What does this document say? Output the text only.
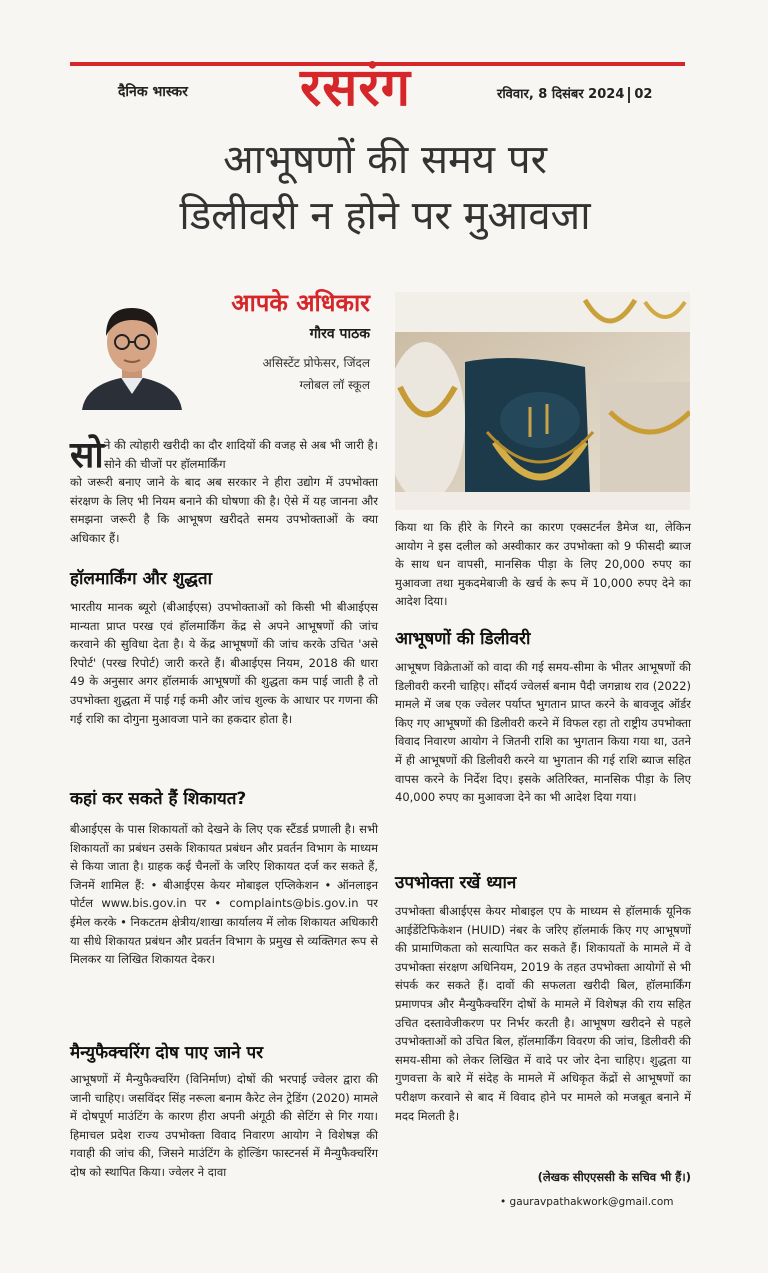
दैनिक भास्कर रसरंग	रविवार, 8 दिसंबर 2024 02
आभूषणों की समय पर
डिलीवरी न होने पर मुआवजा
आपके अधिकार
गौरव पाठक
असिस्टेंट प्रोफेसर, जिंदल
ग्लोबल लॉ स्कूल
सो ने की त्योहारी खरीदी का दौर शादियों की वजह से अब भी जारी है। सोने की चीजों पर हॉलमार्किंग
को जरूरी बनाए जाने के बाद अब सरकार ने हीरा उद्योग में उपभोक्ता संरक्षण के लिए भी नियम बनाने की घोषणा की है। ऐसे में यह जानना और समझना जरूरी है कि आभूषण खरीदते समय उपभोक्ताओं के क्या अधिकार हैं।
हॉलमार्किंग और शुद्धता
भारतीय मानक ब्यूरो (बीआईएस) उपभोक्ताओं को किसी भी बीआईएस मान्यता प्राप्त परख एवं हॉलमार्किंग केंद्र से अपने आभूषणों की जांच करवाने की सुविधा देता है। ये केंद्र आभूषणों की जांच करके उचित 'असे रिपोर्ट' (परख रिपोर्ट) जारी करते हैं। बीआईएस नियम, 2018 की धारा 49 के अनुसार अगर हॉलमार्क आभूषणों की शुद्धता कम पाई जाती है तो उपभोक्ता शुद्धता में पाई गई कमी और जांच शुल्क के आधार पर गणना की गई राशि का दोगुना मुआवजा पाने का हकदार होता है।
कहां कर सकते हैं शिकायत?
बीआईएस के पास शिकायतों को देखने के लिए एक स्टैंडर्ड प्रणाली है। सभी शिकायतों का प्रबंधन उसके शिकायत प्रबंधन और प्रवर्तन विभाग के माध्यम से किया जाता है। ग्राहक कई चैनलों के जरिए शिकायत दर्ज कर सकते हैं, जिनमें शामिल हैं: • बीआईएस केयर मोबाइल एप्लिकेशन • ऑनलाइन पोर्टल www.bis.gov.in पर • complaints@bis.gov.in पर ईमेल करके • निकटतम क्षेत्रीय/शाखा कार्यालय में लोक शिकायत अधिकारी या सीधे शिकायत प्रबंधन और प्रवर्तन विभाग के प्रमुख से व्यक्तिगत रूप से मिलकर या लिखित शिकायत देकर।
मैन्युफैक्चरिंग दोष पाए जाने पर
आभूषणों में मैन्युफैक्चरिंग (विनिर्माण) दोषों की भरपाई ज्वेलर द्वारा की जानी चाहिए। जसविंदर सिंह नरूला बनाम कैरेट लेन ट्रेडिंग (2020) मामले में दोषपूर्ण माउंटिंग के कारण हीरा अपनी अंगूठी की सेटिंग से गिर गया। हिमाचल प्रदेश राज्य उपभोक्ता विवाद निवारण आयोग ने विशेषज्ञ की गवाही की जांच की, जिसने माउंटिंग के होल्डिंग फास्टनर्स में मैन्युफैक्चरिंग दोष को स्थापित किया। ज्वेलर ने दावा
किया था कि हीरे के गिरने का कारण एक्सटर्नल डैमेज था, लेकिन आयोग ने इस दलील को अस्वीकार कर उपभोक्ता को 9 फीसदी ब्याज के साथ धन वापसी, मानसिक पीड़ा के लिए 20,000 रुपए का मुआवजा तथा मुकदमेबाजी के खर्च के रूप में 10,000 रुपए देने का आदेश दिया।
आभूषणों की डिलीवरी
आभूषण विक्रेताओं को वादा की गई समय-सीमा के भीतर आभूषणों की डिलीवरी करनी चाहिए। सौंदर्य ज्वेलर्स बनाम पैदी जगन्नाथ राव (2022) मामले में जब एक ज्वेलर पर्याप्त भुगतान प्राप्त करने के बावजूद ऑर्डर किए गए आभूषणों की डिलीवरी करने में विफल रहा तो राष्ट्रीय उपभोक्ता विवाद निवारण आयोग ने जितनी राशि का भुगतान किया गया था, उतने में ही आभूषणों की डिलीवरी करने या भुगतान की गई राशि ब्याज सहित वापस करने के निर्देश दिए। इसके अतिरिक्त, मानसिक पीड़ा के लिए 40,000 रुपए का मुआवजा देने का भी आदेश दिया गया।
उपभोक्ता रखें ध्यान
उपभोक्ता बीआईएस केयर मोबाइल एप के माध्यम से हॉलमार्क यूनिक आईडेंटिफिकेशन (HUID) नंबर के जरिए हॉलमार्क किए गए आभूषणों की प्रामाणिकता को सत्यापित कर सकते हैं। शिकायतों के मामले में वे उपभोक्ता संरक्षण अधिनियम, 2019 के तहत उपभोक्ता आयोगों से भी संपर्क कर सकते हैं। दावों की सफलता खरीदी बिल, हॉलमार्किंग प्रमाणपत्र और मैन्युफैक्चरिंग दोषों के मामले में विशेषज्ञ की राय सहित उचित दस्तावेजीकरण पर निर्भर करती है। आभूषण खरीदने से पहले उपभोक्ताओं को उचित बिल, हॉलमार्किंग विवरण की जांच, डिलीवरी की समय-सीमा को लेकर लिखित में वादे पर जोर देना चाहिए। शुद्धता या गुणवत्ता के बारे में संदेह के मामले में अधिकृत केंद्रों से आभूषणों का परीक्षण करवाने से बाद में विवाद होने पर मामले को मजबूत बनाने में मदद मिलती है।
(लेखक सीएएससी के सचिव भी हैं।)
• gauravpathakwork@gmail.com
